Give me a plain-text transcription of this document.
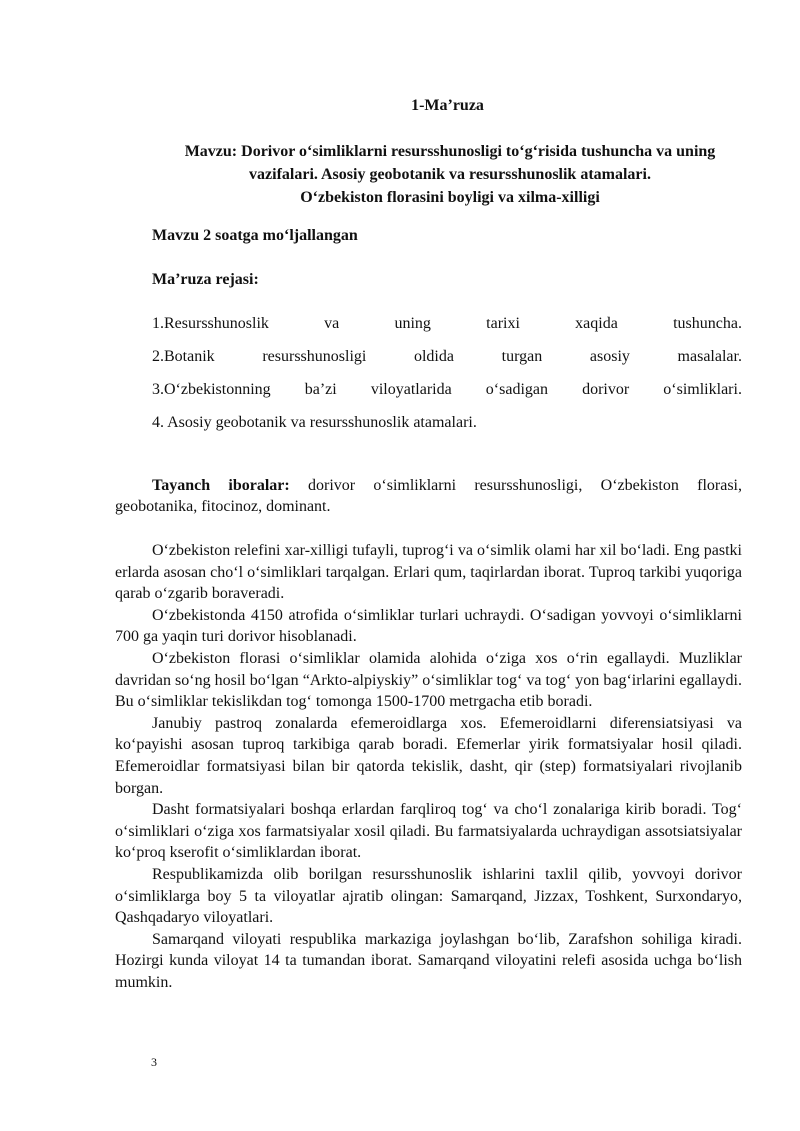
1-Ma’ruza
Mavzu: Dorivor o‘simliklarni resursshunosligi to‘g‘risida tushuncha va uning
vazifalari. Asosiy geobotanik va resursshunoslik atamalari.
O‘zbekiston florasini boyligi va xilma-xilligi
Mavzu 2 soatga mo‘ljallangan
Ma’ruza rejasi:
1.Resursshunoslik	va	uning	tarixi	xaqida	tushuncha.
2.Botanik	resursshunosligi	oldida	turgan	asosiy	masalalar.
3.O‘zbekistonning ba’zi viloyatlarida o‘sadigan dorivor o‘simliklari.
4. Asosiy geobotanik va resursshunoslik atamalari.
Tayanch iboralar: dorivor o‘simliklarni resursshunosligi, O‘zbekiston florasi, geobotanika, fitocinoz, dominant.

O‘zbekiston relefini xar-xilligi tufayli, tuprog‘i va o‘simlik olami har xil bo‘ladi. Eng pastki erlarda asosan cho‘l o‘simliklari tarqalgan. Erlari qum, taqirlardan iborat. Tuproq tarkibi yuqoriga qarab o‘zgarib boraveradi.

O‘zbekistonda 4150 atrofida o‘simliklar turlari uchraydi. O‘sadigan yovvoyi o‘simliklarni 700 ga yaqin turi dorivor hisoblanadi.

O‘zbekiston florasi o‘simliklar olamida alohida o‘ziga xos o‘rin egallaydi. Muzliklar davridan so‘ng hosil bo‘lgan “Arkto-alpiyskiy” o‘simliklar tog‘ va tog‘ yon bag‘irlarini egallaydi. Bu o‘simliklar tekislikdan tog‘ tomonga 1500-1700 metrgacha etib boradi.

Janubiy pastroq zonalarda efemeroidlarga xos. Efemeroidlarni diferensiatsiyasi va ko‘payishi asosan tuproq tarkibiga qarab boradi. Efemerlar yirik formatsiyalar hosil qiladi. Efemeroidlar formatsiyasi bilan bir qatorda tekislik, dasht, qir (step) formatsiyalari rivojlanib borgan.

Dasht formatsiyalari boshqa erlardan farqliroq tog‘ va cho‘l zonalariga kirib boradi. Tog‘ o‘simliklari o‘ziga xos farmatsiyalar xosil qiladi. Bu farmatsiyalarda uchraydigan assotsiatsiyalar ko‘proq kserofit o‘simliklardan iborat.

Respublikamizda olib borilgan resursshunoslik ishlarini taxlil qilib, yovvoyi dorivor o‘simliklarga boy 5 ta viloyatlar ajratib olingan: Samarqand, Jizzax, Toshkent, Surxondaryo, Qashqadaryo viloyatlari.

Samarqand viloyati respublika markaziga joylashgan bo‘lib, Zarafshon sohiliga kiradi. Hozirgi kunda viloyat 14 ta tumandan iborat. Samarqand viloyatini relefi asosida uchga bo‘lish mumkin.

3
